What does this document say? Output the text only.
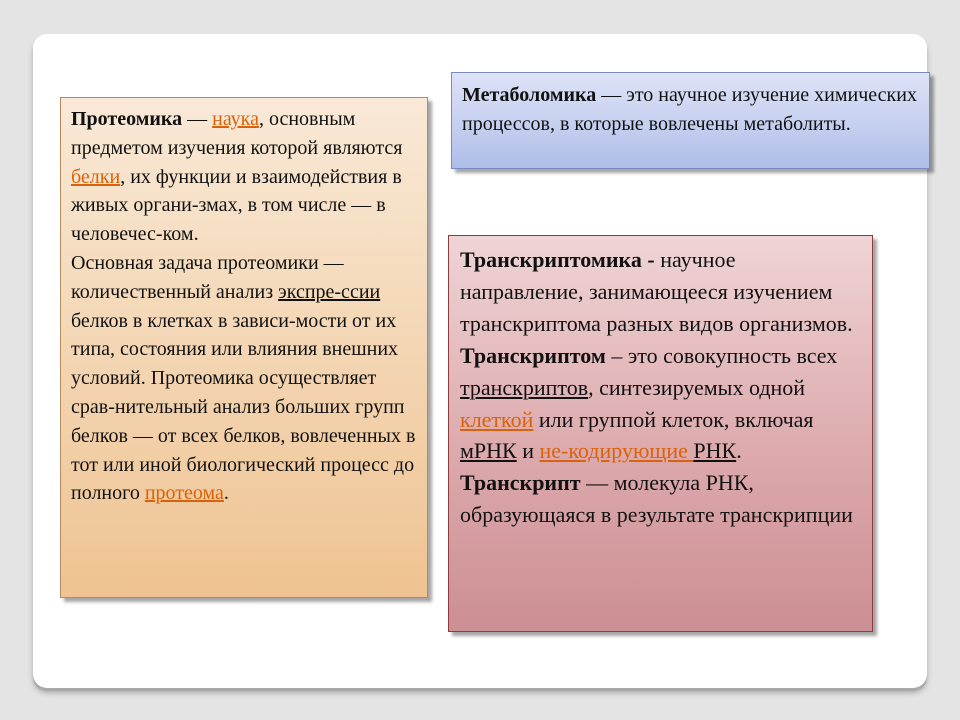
Протеомика — наука, основным предметом изучения которой являются белки, их функции и взаимодействия в живых органи-змах, в том числе — в человечес-ком.

Основная задача протеомики — количественный анализ экспре-ссии белков в клетках в зависи-мости от их типа, состояния или влияния внешних условий. Протеомика осуществляет срав-нительный анализ больших групп белков — от всех белков, вовлеченных в тот или иной биологический процесс до полного протеома.

Метаболомика — это научное изучение химических процессов, в которые вовлечены метаболиты.

Транскриптомика - научное направление, занимающееся изучением транскриптома разных видов организмов. Транскриптом – это совокупность всех транскриптов, синтезируемых одной клеткой или группой клеток, включая мРНК и не-кодирующие РНК. Транскрипт — молекула РНК, образующаяся в результате транскрипции
